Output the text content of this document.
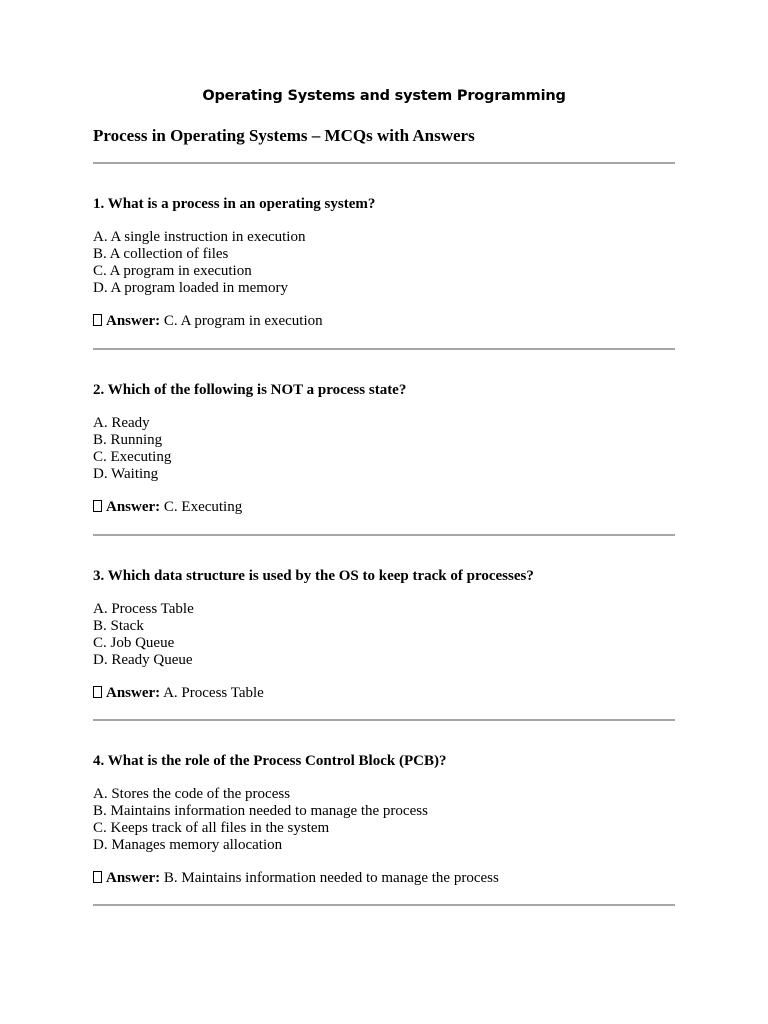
Operating Systems and system Programming
Process in Operating Systems – MCQs with Answers

1. What is a process in an operating system?

A. A single instruction in execution

B. A collection of files

C. A program in execution

D. A program loaded in memory

Answer: C. A program in execution

2. Which of the following is NOT a process state?

A. Ready

B. Running

C. Executing

D. Waiting

Answer: C. Executing

3. Which data structure is used by the OS to keep track of processes?

A. Process Table

B. Stack

C. Job Queue

D. Ready Queue

Answer: A. Process Table

4. What is the role of the Process Control Block (PCB)?

A. Stores the code of the process

B. Maintains information needed to manage the process

C. Keeps track of all files in the system

D. Manages memory allocation

Answer: B. Maintains information needed to manage the process
